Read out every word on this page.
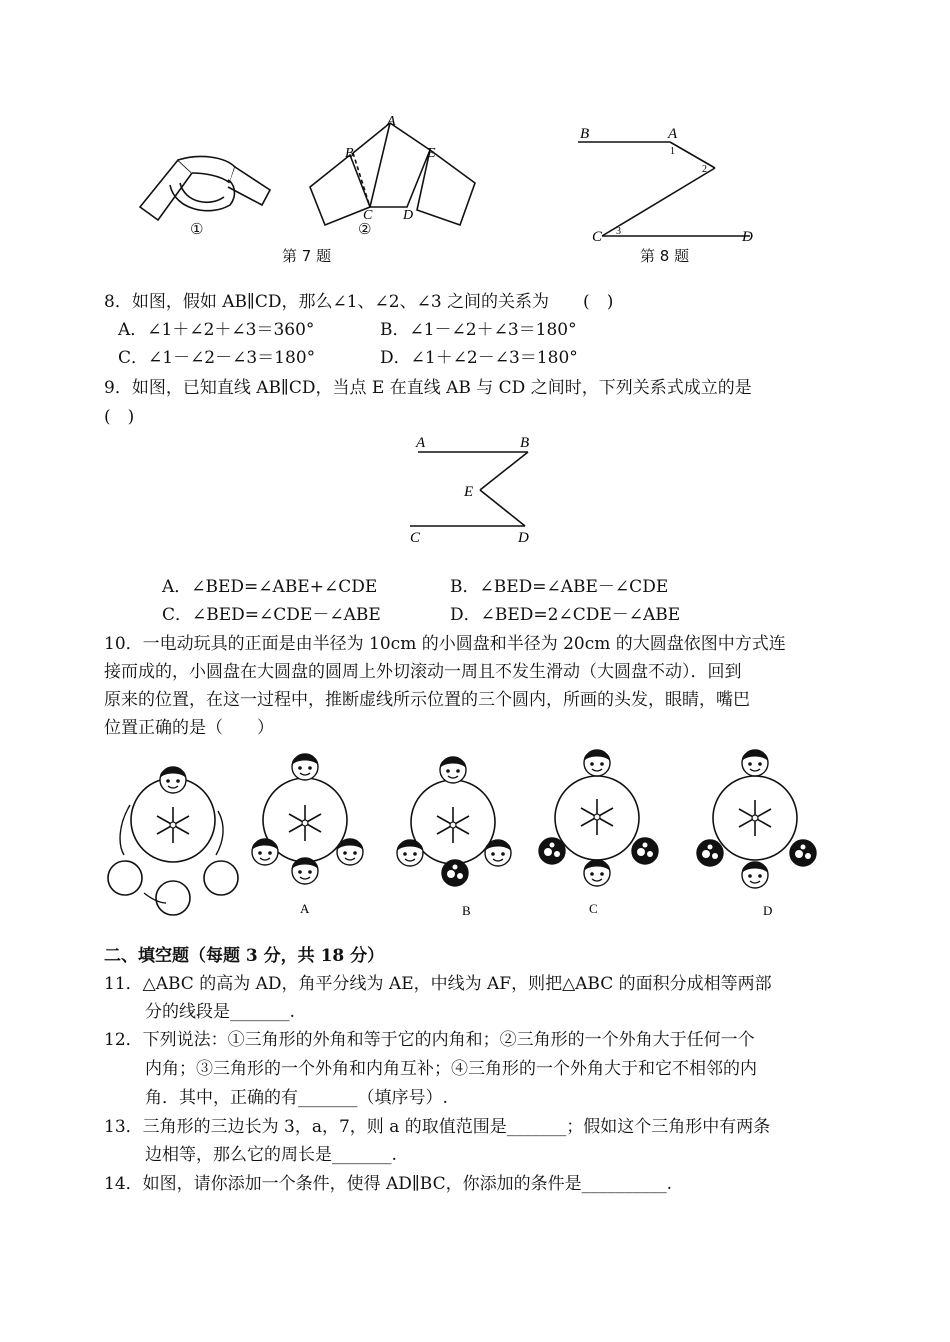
①
A
B
C D
E
②
第 7 题
B	A
1
2
3
C	D
第 8 题
8．如图，假如 AB∥CD，那么∠1、∠2、∠3 之间的关系为　　(　)
A．∠1＋∠2＋∠3＝360°	B．∠1－∠2＋∠3＝180°
C．∠1－∠2－∠3＝180°	D．∠1＋∠2－∠3＝180°
9．如图，已知直线 AB∥CD，当点 E 在直线 AB 与 CD 之间时，下列关系式成立的是
(　)
A	B
E
C	D
A．∠BED=∠ABE+∠CDE	B．∠BED=∠ABE－∠CDE
C．∠BED=∠CDE－∠ABE	D．∠BED=2∠CDE－∠ABE
10．一电动玩具的正面是由半径为 10cm 的小圆盘和半径为 20cm 的大圆盘依图中方式连
接而成的，小圆盘在大圆盘的圆周上外切滚动一周且不发生滑动（大圆盘不动）．回到
原来的位置，在这一过程中，推断虚线所示位置的三个圆内，所画的头发，眼睛，嘴巴
位置正确的是（　　）
A	B	C	D
二、填空题（每题 3 分，共 18 分）
11．△ABC 的高为 AD，角平分线为 AE，中线为 AF，则把△ABC 的面积分成相等两部
分的线段是_______.
12．下列说法：①三角形的外角和等于它的内角和；②三角形的一个外角大于任何一个
内角；③三角形的一个外角和内角互补；④三角形的一个外角大于和它不相邻的内
角．其中，正确的有_______（填序号）.
13．三角形的三边长为 3，a，7，则 a 的取值范围是_______；假如这个三角形中有两条
边相等，那么它的周长是_______.
14．如图，请你添加一个条件，使得 AD∥BC，你添加的条件是__________.
